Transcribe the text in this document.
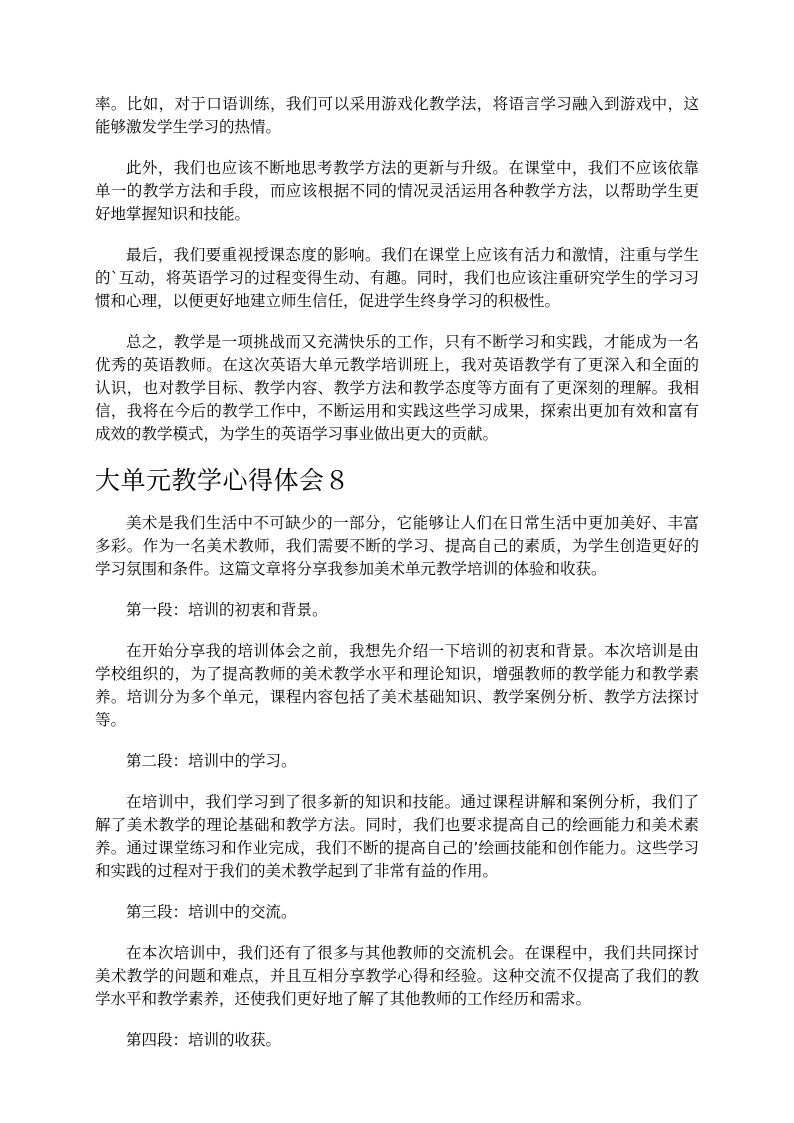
率。比如，对于口语训练，我们可以采用游戏化教学法，将语言学习融入到游戏中，这能够激发学生学习的热情。

此外，我们也应该不断地思考教学方法的更新与升级。在课堂中，我们不应该依靠单一的教学方法和手段，而应该根据不同的情况灵活运用各种教学方法，以帮助学生更好地掌握知识和技能。

最后，我们要重视授课态度的影响。我们在课堂上应该有活力和激情，注重与学生的`互动，将英语学习的过程变得生动、有趣。同时，我们也应该注重研究学生的学习习惯和心理，以便更好地建立师生信任，促进学生终身学习的积极性。

总之，教学是一项挑战而又充满快乐的工作，只有不断学习和实践，才能成为一名优秀的英语教师。在这次英语大单元教学培训班上，我对英语教学有了更深入和全面的认识，也对教学目标、教学内容、教学方法和教学态度等方面有了更深刻的理解。我相信，我将在今后的教学工作中，不断运用和实践这些学习成果，探索出更加有效和富有成效的教学模式，为学生的英语学习事业做出更大的贡献。

大单元教学心得体会８

美术是我们生活中不可缺少的一部分，它能够让人们在日常生活中更加美好、丰富多彩。作为一名美术教师，我们需要不断的学习、提高自己的素质，为学生创造更好的学习氛围和条件。这篇文章将分享我参加美术单元教学培训的体验和收获。

第一段：培训的初衷和背景。

在开始分享我的培训体会之前，我想先介绍一下培训的初衷和背景。本次培训是由学校组织的，为了提高教师的美术教学水平和理论知识，增强教师的教学能力和教学素养。培训分为多个单元，课程内容包括了美术基础知识、教学案例分析、教学方法探讨等。

第二段：培训中的学习。

在培训中，我们学习到了很多新的知识和技能。通过课程讲解和案例分析，我们了解了美术教学的理论基础和教学方法。同时，我们也要求提高自己的绘画能力和美术素养。通过课堂练习和作业完成，我们不断的提高自己的’绘画技能和创作能力。这些学习和实践的过程对于我们的美术教学起到了非常有益的作用。

第三段：培训中的交流。

在本次培训中，我们还有了很多与其他教师的交流机会。在课程中，我们共同探讨美术教学的问题和难点，并且互相分享教学心得和经验。这种交流不仅提高了我们的教学水平和教学素养，还使我们更好地了解了其他教师的工作经历和需求。

第四段：培训的收获。
